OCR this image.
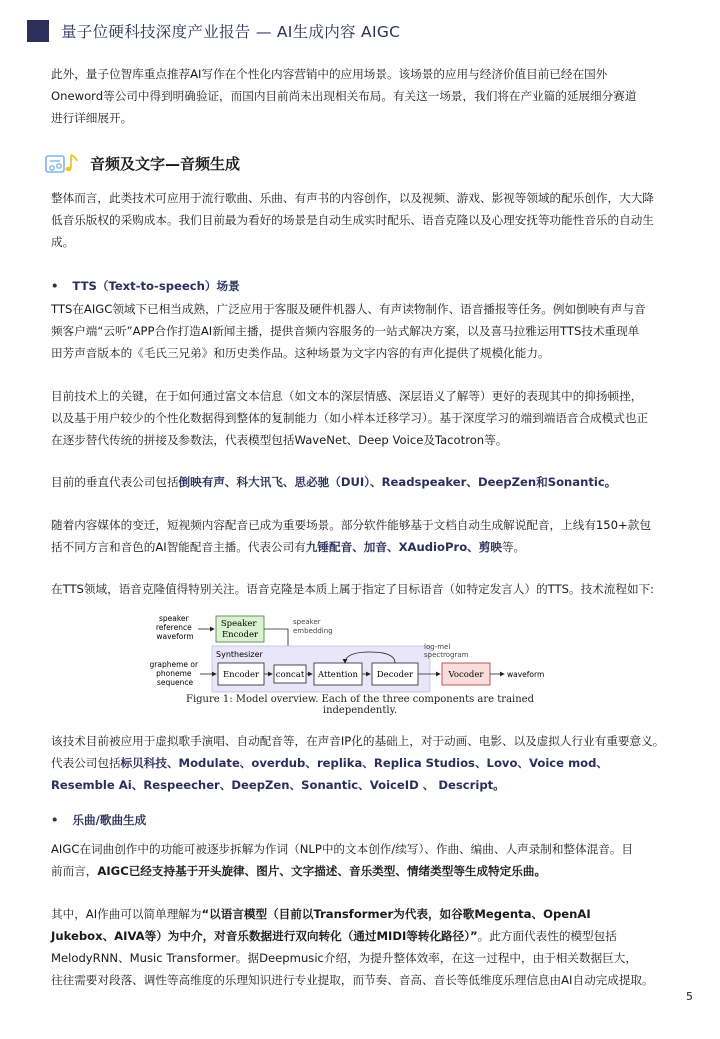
量子位硬科技深度产业报告 — AI生成内容 AIGC
此外，量子位智库重点推荐AI写作在个性化内容营销中的应用场景。该场景的应用与经济价值目前已经在国外
Oneword等公司中得到明确验证，而国内目前尚未出现相关布局。有关这一场景，我们将在产业篇的延展细分赛道
进行详细展开。
音频及文字—音频生成
整体而言，此类技术可应用于流行歌曲、乐曲、有声书的内容创作，以及视频、游戏、影视等领域的配乐创作，大大降
低音乐版权的采购成本。我们目前最为看好的场景是自动生成实时配乐、语音克隆以及心理安抚等功能性音乐的自动生
成。
• TTS（Text-to-speech）场景
TTS在AIGC领域下已相当成熟，广泛应用于客服及硬件机器人、有声读物制作、语音播报等任务。例如倒映有声与音
频客户端“云听”APP合作打造AI新闻主播，提供音频内容服务的一站式解决方案，以及喜马拉雅运用TTS技术重现单
田芳声音版本的《毛氏三兄弟》和历史类作品。这种场景为文字内容的有声化提供了规模化能力。
目前技术上的关键，在于如何通过富文本信息（如文本的深层情感、深层语义了解等）更好的表现其中的抑扬顿挫，
以及基于用户较少的个性化数据得到整体的复制能力（如小样本迁移学习）。基于深度学习的端到端语音合成模式也正
在逐步替代传统的拼接及参数法，代表模型包括WaveNet、Deep Voice及Tacotron等。
目前的垂直代表公司包括倒映有声、科大讯飞、思必驰（DUI）、Readspeaker、DeepZen和Sonantic。
随着内容媒体的变迁，短视频内容配音已成为重要场景。部分软件能够基于文档自动生成解说配音，上线有150+款包
括不同方言和音色的AI智能配音主播。代表公司有九锤配音、加音、XAudioPro、剪映等。
在TTS领域，语音克隆值得特别关注。语音克隆是本质上属于指定了目标语音（如特定发言人）的TTS。技术流程如下:
speaker reference waveform
Speaker Encoder
speaker embedding
Synthesizer
log-mel spectrogram
grapheme or phoneme sequence
Encoder concat Attention Decoder	Vocoder	waveform
Figure 1: Model overview. Each of the three components are trained independently.
该技术目前被应用于虚拟歌手演唱、自动配音等，在声音IP化的基础上，对于动画、电影、以及虚拟人行业有重要意义。
代表公司包括标贝科技、Modulate、overdub、replika、Replica Studios、Lovo、Voice mod、
Resemble Ai、Respeecher、DeepZen、Sonantic、VoiceID 、 Descript。
• 乐曲/歌曲生成
AIGC在词曲创作中的功能可被逐步拆解为作词（NLP中的文本创作/续写）、作曲、编曲、人声录制和整体混音。目
前而言，AIGC已经支持基于开头旋律、图片、文字描述、音乐类型、情绪类型等生成特定乐曲。
其中，AI作曲可以简单理解为“以语言模型（目前以Transformer为代表，如谷歌Megenta、OpenAI
Jukebox、AIVA等）为中介，对音乐数据进行双向转化（通过MIDI等转化路径）”。此方面代表性的模型包括
MelodyRNN、Music Transformer。据Deepmusic介绍，为提升整体效率，在这一过程中，由于相关数据巨大，
往往需要对段落、调性等高维度的乐理知识进行专业提取，而节奏、音高、音长等低维度乐理信息由AI自动完成提取。
5
